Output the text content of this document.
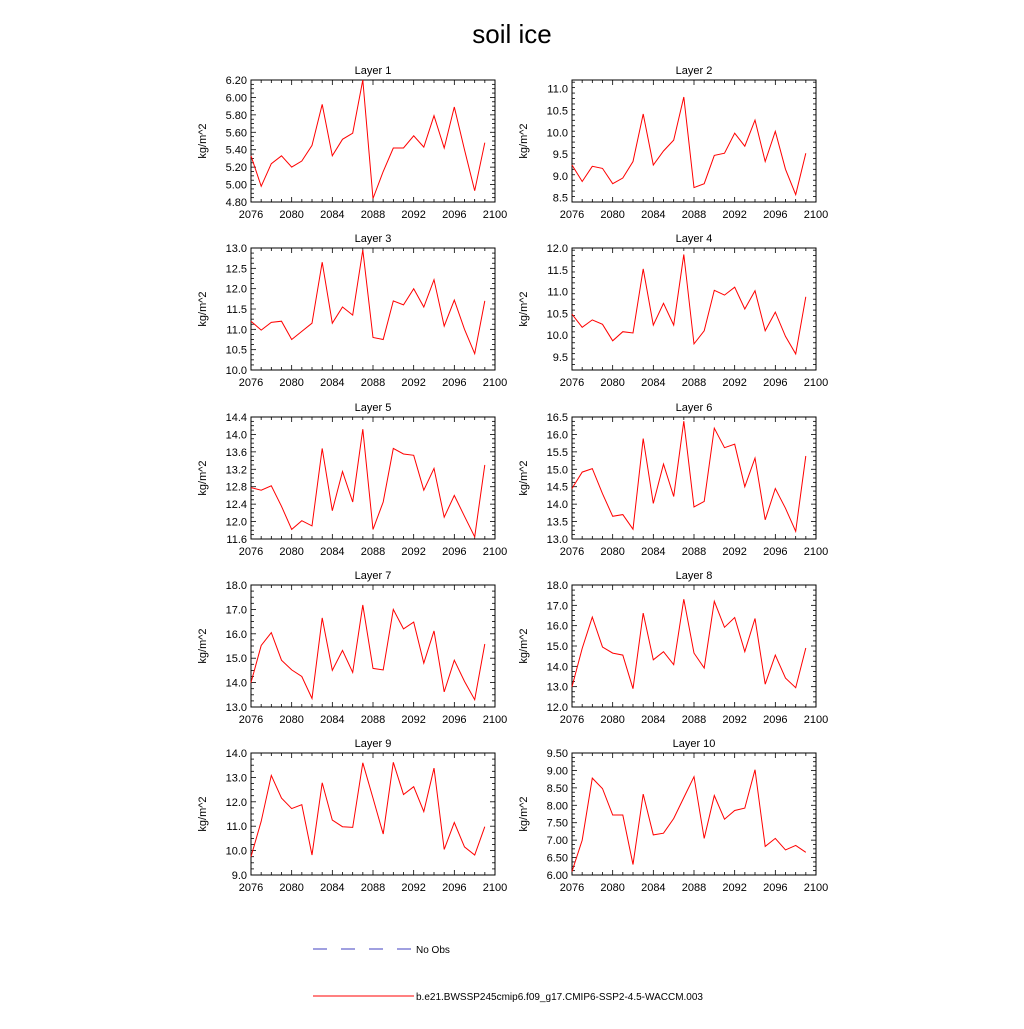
soil ice
Layer 1
kg/m^2
2076 2080 2084 2088 2092 2096 2100
4.80
5.00
5.20
5.40
5.60
5.80
6.00
6.20
Layer 2
kg/m^2
2076 2080 2084 2088 2092 2096 2100
8.5
9.0
9.5
10.0
10.5
11.0
Layer 3
kg/m^2
2076 2080 2084 2088 2092 2096 2100
10.0
10.5
11.0
11.5
12.0
12.5
13.0
Layer 4
kg/m^2
2076 2080 2084 2088 2092 2096 2100
9.5
10.0
10.5
11.0
11.5
12.0
Layer 5
kg/m^2
2076 2080 2084 2088 2092 2096 2100
11.6
12.0
12.4
12.8
13.2
13.6
14.0
14.4
Layer 6
kg/m^2
2076 2080 2084 2088 2092 2096 2100
13.0
13.5
14.0
14.5
15.0
15.5
16.0
16.5
Layer 7
kg/m^2
2076 2080 2084 2088 2092 2096 2100
13.0
14.0
15.0
16.0
17.0
18.0
Layer 8
kg/m^2
2076 2080 2084 2088 2092 2096 2100
12.0
13.0
14.0
15.0
16.0
17.0
18.0
Layer 9
kg/m^2
2076 2080 2084 2088 2092 2096 2100
9.0
10.0
11.0
12.0
13.0
14.0
Layer 10
kg/m^2
2076 2080 2084 2088 2092 2096 2100
6.00
6.50
7.00
7.50
8.00
8.50
9.00
9.50
No Obs
b.e21.BWSSP245cmip6.f09_g17.CMIP6-SSP2-4.5-WACCM.003
